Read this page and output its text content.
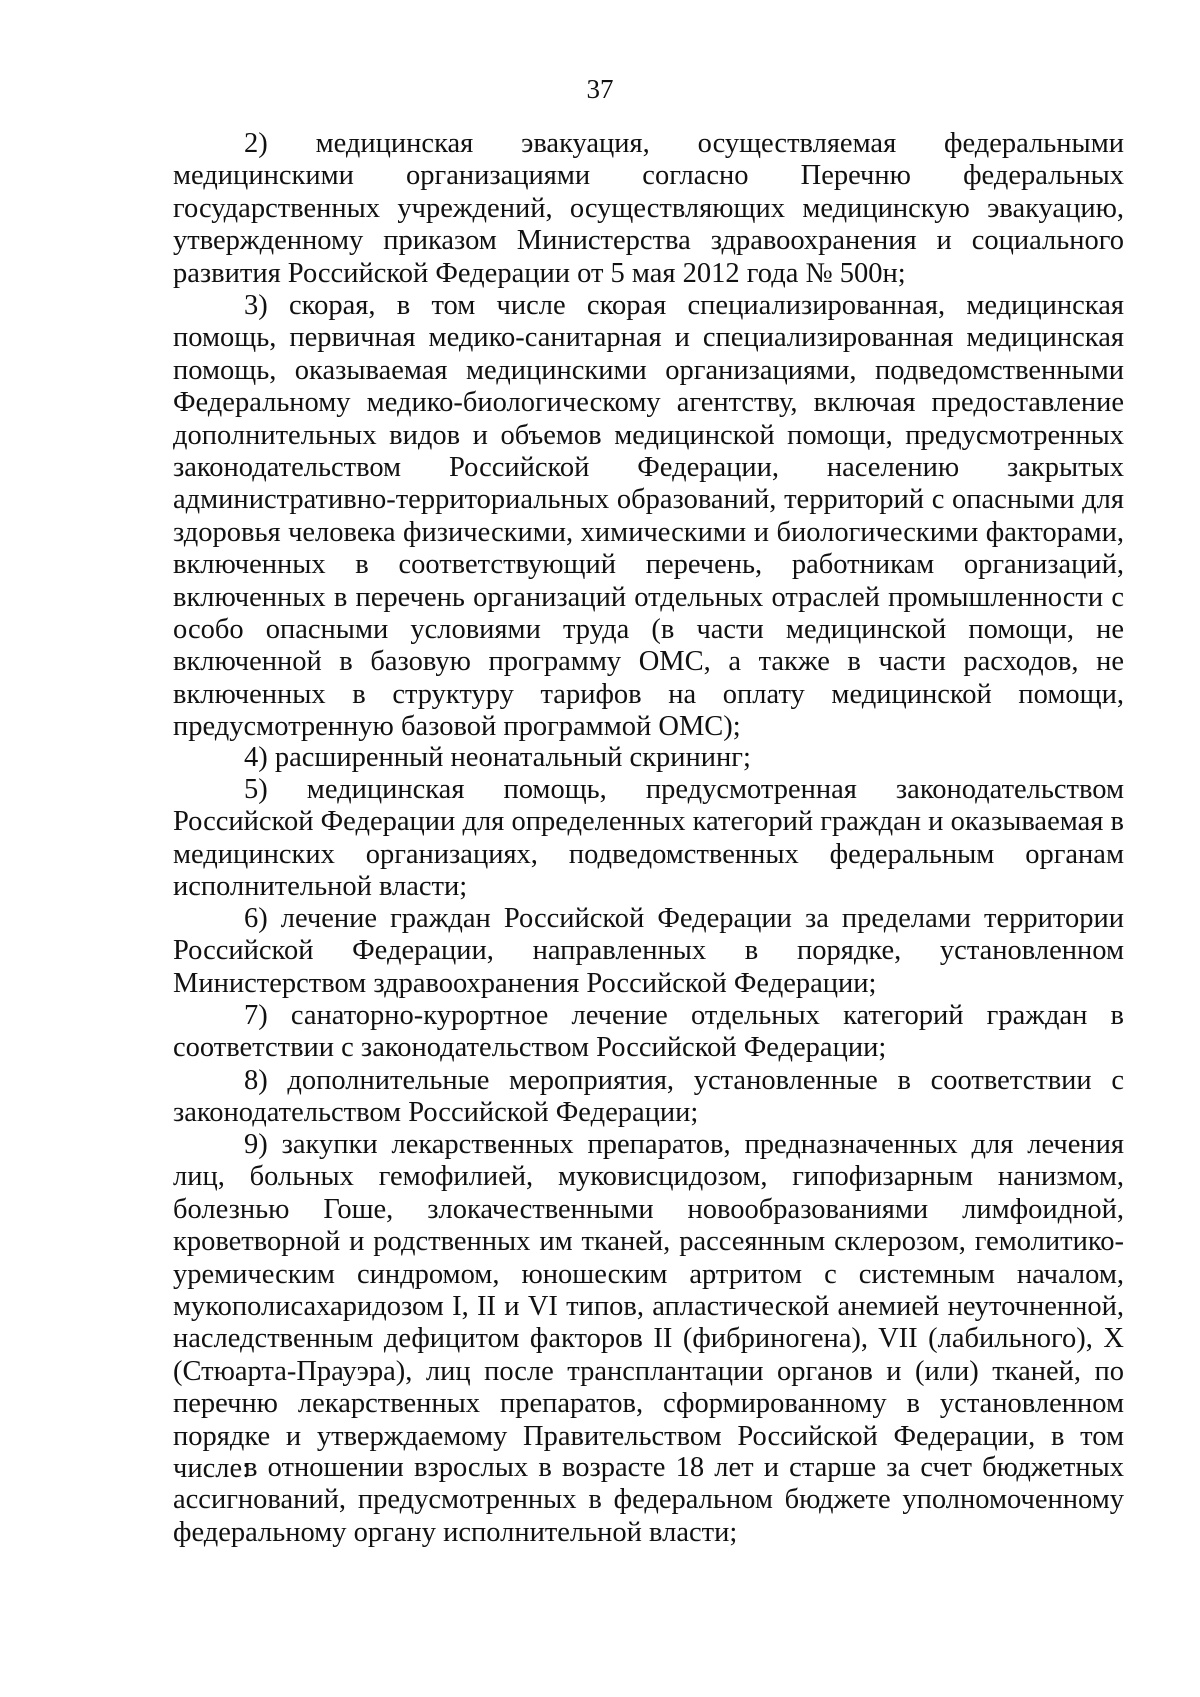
37

2) медицинская эвакуация, осуществляемая федеральными медицинскими организациями согласно Перечню федеральных государственных учреждений, осуществляющих медицинскую эвакуацию, утвержденному приказом Министерства здравоохранения и социального развития Российской Федерации от 5 мая 2012 года № 500н;

3) скорая, в том числе скорая специализированная, медицинская помощь, первичная медико-санитарная и специализированная медицинская помощь, оказываемая медицинскими организациями, подведомственными Федеральному медико-биологическому агентству, включая предоставление дополнительных видов и объемов медицинской помощи, предусмотренных законодательством Российской Федерации, населению закрытых административно-территориальных образований, территорий с опасными для здоровья человека физическими, химическими и биологическими факторами, включенных в соответствующий перечень, работникам организаций, включенных в перечень организаций отдельных отраслей промышленности с особо опасными условиями труда (в части медицинской помощи, не включенной в базовую программу ОМС, а также в части расходов, не включенных в структуру тарифов на оплату медицинской помощи, предусмотренную базовой программой ОМС);

4) расширенный неонатальный скрининг;

5) медицинская помощь, предусмотренная законодательством Российской Федерации для определенных категорий граждан и оказываемая в медицинских организациях, подведомственных федеральным органам исполнительной власти;

6) лечение граждан Российской Федерации за пределами территории Российской Федерации, направленных в порядке, установленном Министерством здравоохранения Российской Федерации;

7) санаторно-курортное лечение отдельных категорий граждан в соответствии с законодательством Российской Федерации;

8) дополнительные мероприятия, установленные в соответствии с законодательством Российской Федерации;

9) закупки лекарственных препаратов, предназначенных для лечения лиц, больных гемофилией, муковисцидозом, гипофизарным нанизмом, болезнью Гоше, злокачественными новообразованиями лимфоидной, кроветворной и родственных им тканей, рассеянным склерозом, гемолитико-уремическим синдромом, юношеским артритом с системным началом, мукополисахаридозом I, II и VI типов, апластической анемией неуточненной, наследственным дефицитом факторов II (фибриногена), VII (лабильного), X (Стюарта-Прауэра), лиц после трансплантации органов и (или) тканей, по перечню лекарственных препаратов, сформированному в установленном порядке и утверждаемому Правительством Российской Федерации, в том числе:

в отношении взрослых в возрасте 18 лет и старше за счет бюджетных ассигнований, предусмотренных в федеральном бюджете уполномоченному федеральному органу исполнительной власти;
